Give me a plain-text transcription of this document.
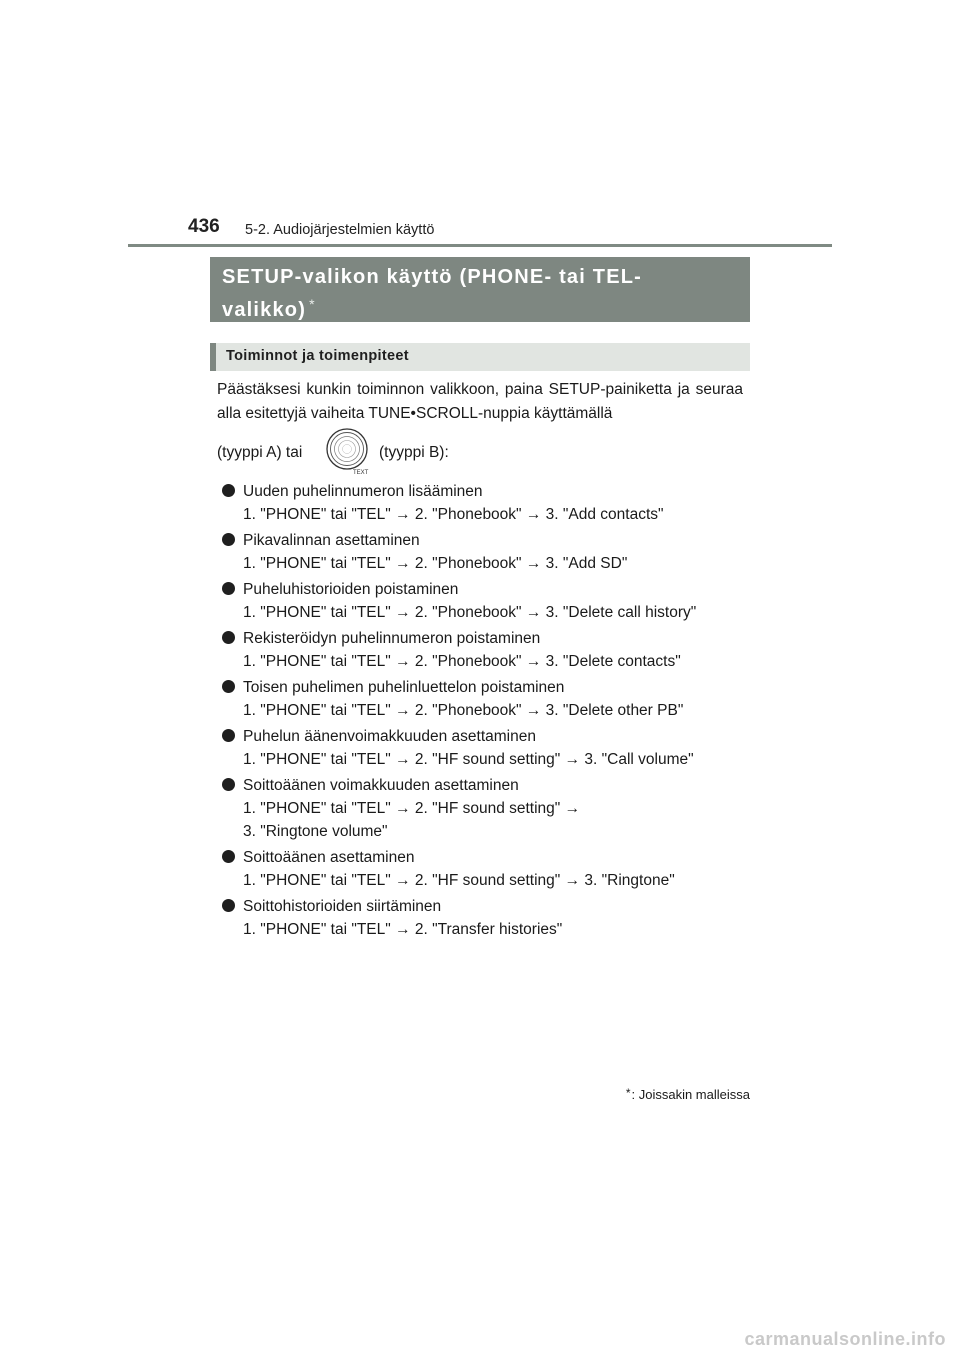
436 5-2. Audiojärjestelmien käyttö
SETUP-valikon käyttö (PHONE- tai TEL-
valikko) *
Toiminnot ja toimenpiteet
Päästäksesi kunkin toiminnon valikkoon, paina SETUP-painiketta ja seuraa alla esitettyjä vaiheita TUNE•SCROLL-nuppia käyttämällä
(tyyppi A) tai
TEXT
(tyyppi B):
Uuden puhelinnumeron lisääminen
1. "PHONE" tai "TEL" → 2. "Phonebook" → 3. "Add contacts"
Pikavalinnan asettaminen
1. "PHONE" tai "TEL" → 2. "Phonebook" → 3. "Add SD"
Puheluhistorioiden poistaminen
1. "PHONE" tai "TEL" → 2. "Phonebook" → 3. "Delete call history"
Rekisteröidyn puhelinnumeron poistaminen
1. "PHONE" tai "TEL" → 2. "Phonebook" → 3. "Delete contacts"
Toisen puhelimen puhelinluettelon poistaminen
1. "PHONE" tai "TEL" → 2. "Phonebook" → 3. "Delete other PB"
Puhelun äänenvoimakkuuden asettaminen
1. "PHONE" tai "TEL" → 2. "HF sound setting" → 3. "Call volume"
Soittoäänen voimakkuuden asettaminen
1. "PHONE" tai "TEL" → 2. "HF sound setting" →
3. "Ringtone volume"
Soittoäänen asettaminen
1. "PHONE" tai "TEL" → 2. "HF sound setting" → 3. "Ringtone"
Soittohistorioiden siirtäminen
1. "PHONE" tai "TEL" → 2. "Transfer histories"
*: Joissakin malleissa
carmanualsonline.info
